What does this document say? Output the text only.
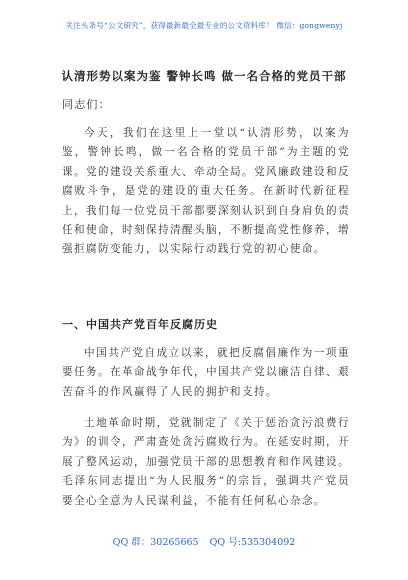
关注头条号“公文研究”，获得最新最全最专业的公文资料库！ 微信：gongwenyj
认清形势以案为鉴 警钟长鸣 做一名合格的党员干部
同志们：
今天，我们在这里上一堂以“认清形势，以案为鉴，警钟长鸣，做一名合格的党员干部”为主题的党课。党的建设关系重大、牵动全局。党风廉政建设和反腐败斗争，是党的建设的重大任务。在新时代新征程上，我们每一位党员干部都要深刻认识到自身肩负的责任和使命，时刻保持清醒头脑，不断提高党性修养，增强拒腐防变能力，以实际行动践行党的初心使命。
一、中国共产党百年反腐历史
中国共产党自成立以来，就把反腐倡廉作为一项重要任务。在革命战争年代，中国共产党以廉洁自律、艰苦奋斗的作风赢得了人民的拥护和支持。
土地革命时期，党就制定了《关于惩治贪污浪费行为》的训令，严肃查处贪污腐败行为。在延安时期，开展了整风运动，加强党员干部的思想教育和作风建设。毛泽东同志提出“为人民服务”的宗旨，强调共产党员要全心全意为人民谋利益，不能有任何私心杂念。
QQ 群：30265665 QQ 号:535304092
